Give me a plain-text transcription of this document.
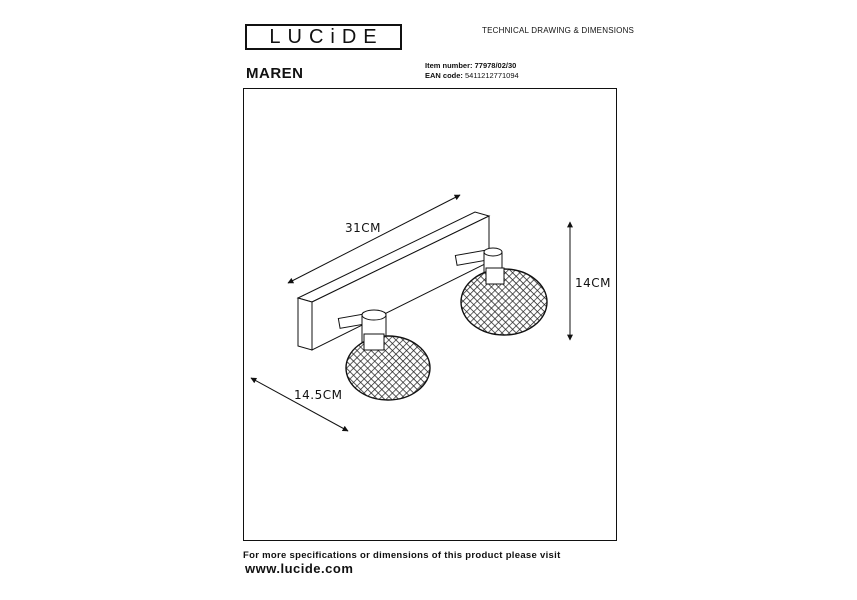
LUCiDE	TECHNICAL DRAWING & DIMENSIONS
MAREN	Item number: 77978/02/30
EAN code: 5411212771094
31CM
14CM
14.5CM
For more specifications or dimensions of this product please visit
www.lucide.com
